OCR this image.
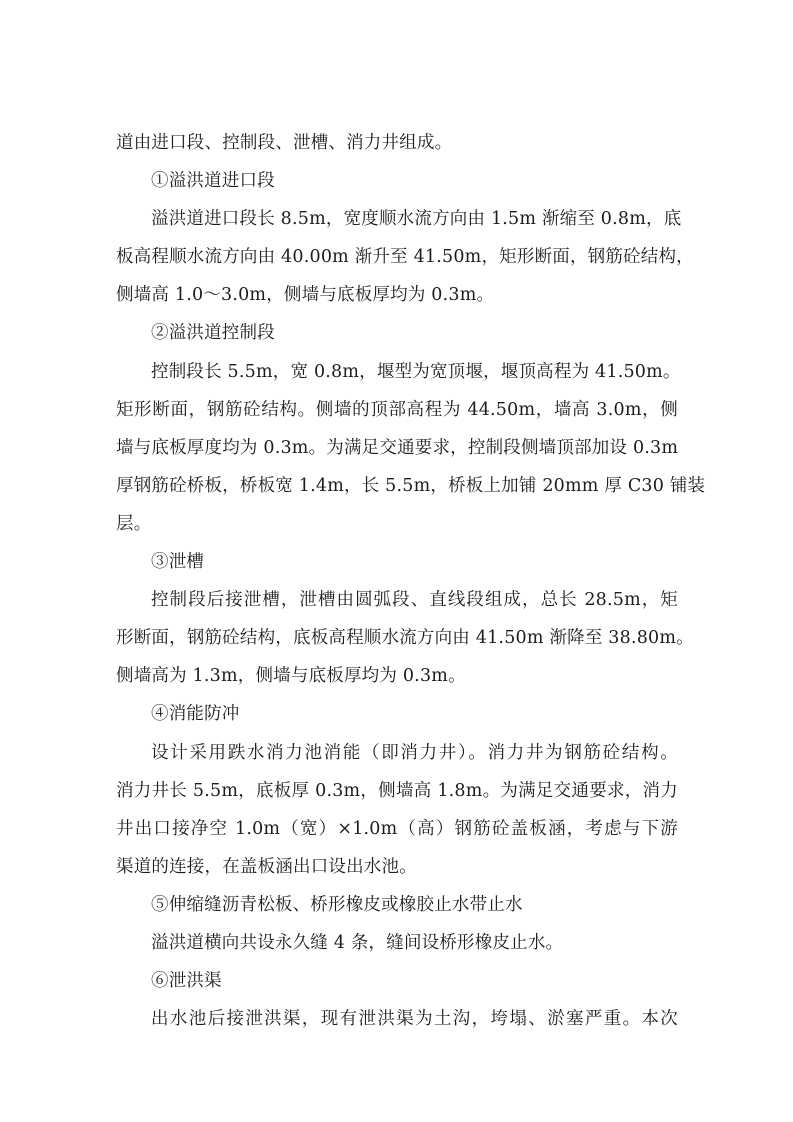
道由进口段、控制段、泄槽、消力井组成。
①溢洪道进口段
溢洪道进口段长 8.5m，宽度顺水流方向由 1.5m 渐缩至 0.8m，底
板高程顺水流方向由 40.00m 渐升至 41.50m，矩形断面，钢筋砼结构，
侧墙高 1.0～3.0m，侧墙与底板厚均为 0.3m。
②溢洪道控制段
控制段长 5.5m，宽 0.8m，堰型为宽顶堰，堰顶高程为 41.50m。
矩形断面，钢筋砼结构。侧墙的顶部高程为 44.50m，墙高 3.0m，侧
墙与底板厚度均为 0.3m。为满足交通要求，控制段侧墙顶部加设 0.3m
厚钢筋砼桥板，桥板宽 1.4m，长 5.5m，桥板上加铺 20mm 厚 C30 铺装
层。
③泄槽
控制段后接泄槽，泄槽由圆弧段、直线段组成，总长 28.5m，矩
形断面，钢筋砼结构，底板高程顺水流方向由 41.50m 渐降至 38.80m。
侧墙高为 1.3m，侧墙与底板厚均为 0.3m。
④消能防冲
设计采用跌水消力池消能（即消力井）。消力井为钢筋砼结构。
消力井长 5.5m，底板厚 0.3m，侧墙高 1.8m。为满足交通要求，消力
井出口接净空 1.0m（宽）×1.0m（高）钢筋砼盖板涵，考虑与下游
渠道的连接，在盖板涵出口设出水池。
⑤伸缩缝沥青松板、桥形橡皮或橡胶止水带止水
溢洪道横向共设永久缝 4 条，缝间设桥形橡皮止水。
⑥泄洪渠
出水池后接泄洪渠，现有泄洪渠为土沟，垮塌、淤塞严重。本次
